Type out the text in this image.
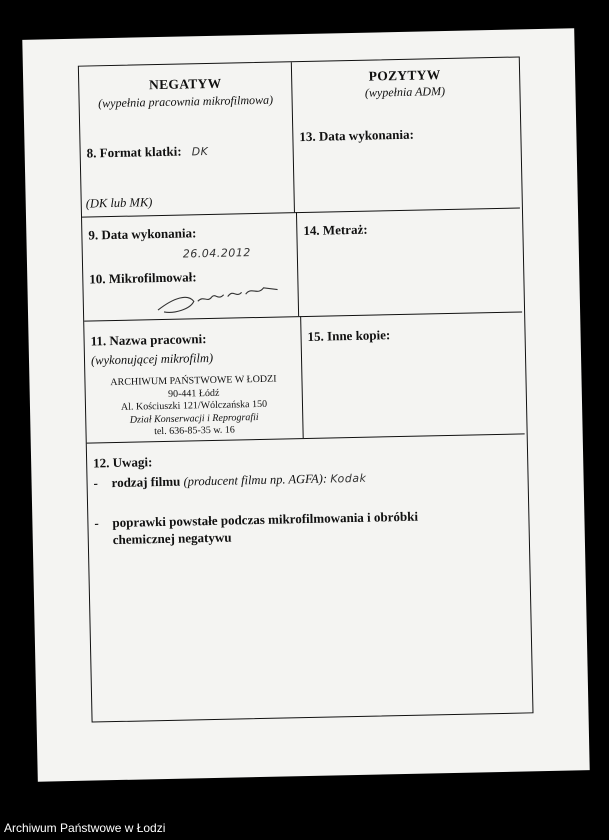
NEGATYW
(wypełnia pracownia mikrofilmowa)
8. Format klatki: DK
(DK lub MK)
POZYTYW
(wypełnia ADM)
13. Data wykonania:
9. Data wykonania:
26.04.2012
10. Mikrofilmował:
14. Metraż:
11. Nazwa pracowni:
(wykonującej mikrofilm)
ARCHIWUM PAŃSTWOWE W ŁODZI
90-441 Łódź
Al. Kościuszki 121/Wólczańska 150
Dział Konserwacji i Reprografii
tel. 636-85-35 w. 16
15. Inne kopie:
12. Uwagi:
- rodzaj filmu (producent filmu np. AGFA): Kodak
- poprawki powstałe podczas mikrofilmowania i obróbki
chemicznej negatywu
Archiwum Państwowe w Łodzi
